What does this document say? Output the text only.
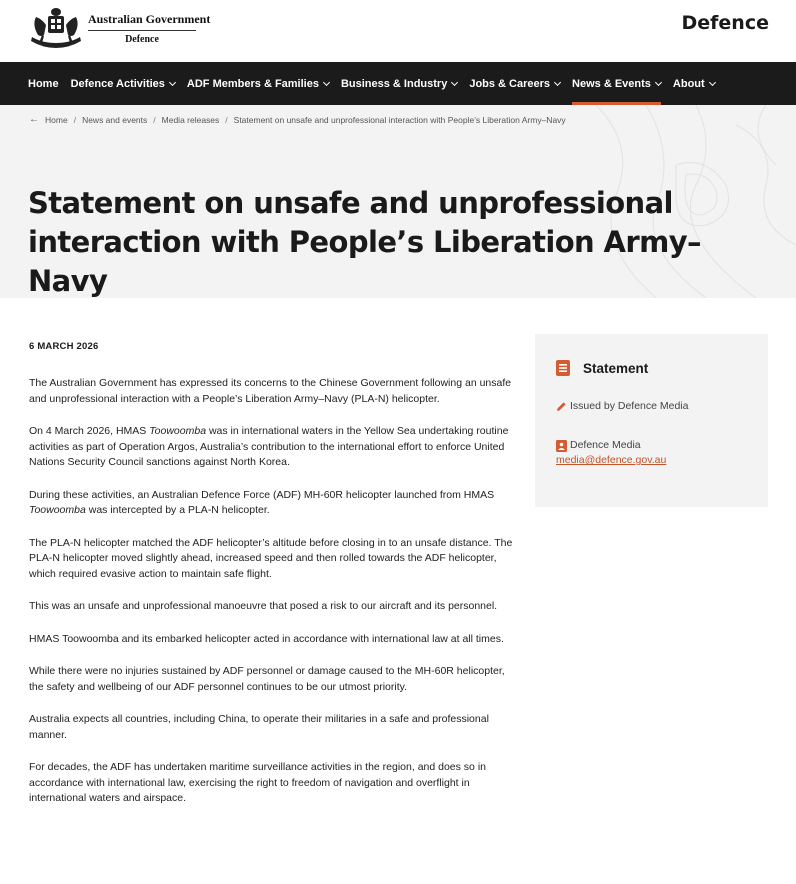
Australian Government
Defence
Defence
Home Defence Activities ADF Members & Families Business & Industry Jobs & Careers News & Events About
← Home / News and events / Media releases / Statement on unsafe and unprofessional interaction with People’s Liberation Army–Navy
Statement on unsafe and unprofessional interaction with People’s Liberation Army–Navy
6 MARCH 2026

The Australian Government has expressed its concerns to the Chinese Government following an unsafe and unprofessional interaction with a People’s Liberation Army–Navy (PLA-N) helicopter.

On 4 March 2026, HMAS Toowoomba was in international waters in the Yellow Sea undertaking routine activities as part of Operation Argos, Australia’s contribution to the international effort to enforce United Nations Security Council sanctions against North Korea.

During these activities, an Australian Defence Force (ADF) MH-60R helicopter launched from HMAS Toowoomba was intercepted by a PLA-N helicopter.

The PLA-N helicopter matched the ADF helicopter’s altitude before closing in to an unsafe distance. The PLA-N helicopter moved slightly ahead, increased speed and then rolled towards the ADF helicopter, which required evasive action to maintain safe flight.

This was an unsafe and unprofessional manoeuvre that posed a risk to our aircraft and its personnel.

HMAS Toowoomba and its embarked helicopter acted in accordance with international law at all times.

While there were no injuries sustained by ADF personnel or damage caused to the MH-60R helicopter, the safety and wellbeing of our ADF personnel continues to be our utmost priority.

Australia expects all countries, including China, to operate their militaries in a safe and professional manner.

For decades, the ADF has undertaken maritime surveillance activities in the region, and does so in accordance with international law, exercising the right to freedom of navigation and overflight in international waters and airspace.

Statement
Issued by Defence Media
Defence Media
media@defence.gov.au
